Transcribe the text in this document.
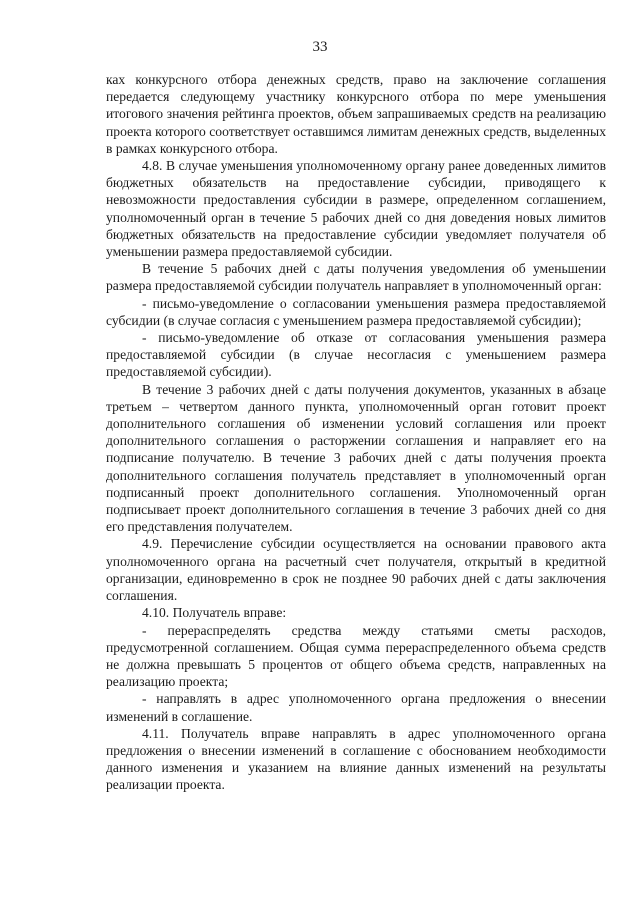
33

ках конкурсного отбора денежных средств, право на заключение соглашения передается следующему участнику конкурсного отбора по мере уменьшения итогового значения рейтинга проектов, объем запрашиваемых средств на реализацию проекта которого соответствует оставшимся лимитам денежных средств, выделенных в рамках конкурсного отбора.

4.8. В случае уменьшения уполномоченному органу ранее доведенных лимитов бюджетных обязательств на предоставление субсидии, приводящего к невозможности предоставления субсидии в размере, определенном соглашением, уполномоченный орган в течение 5 рабочих дней со дня доведения новых лимитов бюджетных обязательств на предоставление субсидии уведомляет получателя об уменьшении размера предоставляемой субсидии.

В течение 5 рабочих дней с даты получения уведомления об уменьшении размера предоставляемой субсидии получатель направляет в уполномоченный орган:

- письмо-уведомление о согласовании уменьшения размера предоставляемой субсидии (в случае согласия с уменьшением размера предоставляемой субсидии);

- письмо-уведомление об отказе от согласования уменьшения размера предоставляемой субсидии (в случае несогласия с уменьшением размера предоставляемой субсидии).

В течение 3 рабочих дней с даты получения документов, указанных в абзаце третьем – четвертом данного пункта, уполномоченный орган готовит проект дополнительного соглашения об изменении условий соглашения или проект дополнительного соглашения о расторжении соглашения и направляет его на подписание получателю. В течение 3 рабочих дней с даты получения проекта дополнительного соглашения получатель представляет в уполномоченный орган подписанный проект дополнительного соглашения. Уполномоченный орган подписывает проект дополнительного соглашения в течение 3 рабочих дней со дня его представления получателем.

4.9. Перечисление субсидии осуществляется на основании правового акта уполномоченного органа на расчетный счет получателя, открытый в кредитной организации, единовременно в срок не позднее 90 рабочих дней с даты заключения соглашения.

4.10. Получатель вправе:

- перераспределять средства между статьями сметы расходов, предусмотренной соглашением. Общая сумма перераспределенного объема средств не должна превышать 5 процентов от общего объема средств, направленных на реализацию проекта;

- направлять в адрес уполномоченного органа предложения о внесении изменений в соглашение.

4.11. Получатель вправе направлять в адрес уполномоченного органа предложения о внесении изменений в соглашение с обоснованием необходимости данного изменения и указанием на влияние данных изменений на результаты реализации проекта.
